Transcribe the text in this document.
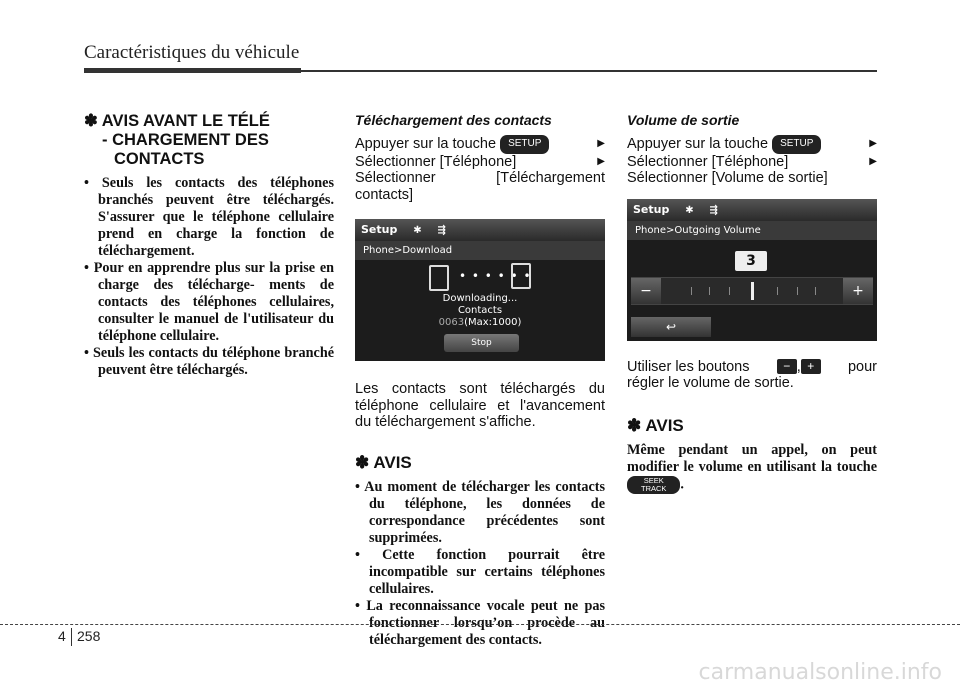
Caractéristiques du véhicule
✽ AVIS AVANT LE TÉLÉ
- CHARGEMENT DES
CONTACTS
• Seuls les contacts des téléphones branchés peuvent être téléchargés. S'assurer que le téléphone cellulaire prend en charge la fonction de téléchargement.
• Pour en apprendre plus sur la prise en charge des télécharge- ments de contacts des téléphones cellulaires, consulter le manuel de l'utilisateur du téléphone cellulaire.
• Seuls les contacts du téléphone branché peuvent être téléchargés.

Téléchargement des contacts

Appuyer sur la touche SETUP	▶
Sélectionner [Téléphone]	▶
Sélectionner [Téléchargement contacts]
Setup ✱ ⇶
Phone>Download
• • • • • •
Downloading...
Contacts
0063(Max:1000)
Stop
Les contacts sont téléchargés du téléphone cellulaire et l'avancement du téléchargement s'affiche.
✽ AVIS
• Au moment de télécharger les contacts du téléphone, les données de correspondance précédentes sont supprimées.
• Cette fonction pourrait être incompatible sur certains téléphones cellulaires.
• La reconnaissance vocale peut ne pas fonctionner lorsqu’on procède au téléchargement des contacts.

Volume de sortie

Appuyer sur la touche SETUP	▶
Sélectionner [Téléphone]	▶
Sélectionner [Volume de sortie]
Setup ✱ ⇶
Phone>Outgoing Volume
3
−	+
↩
Utiliser les boutons	− , +	pour
régler le volume de sortie.
✽ AVIS
Même pendant un appel, on peut modifier le volume en utilisant la touche
SEEK
TRACK .
4 258
carmanualsonline.info
